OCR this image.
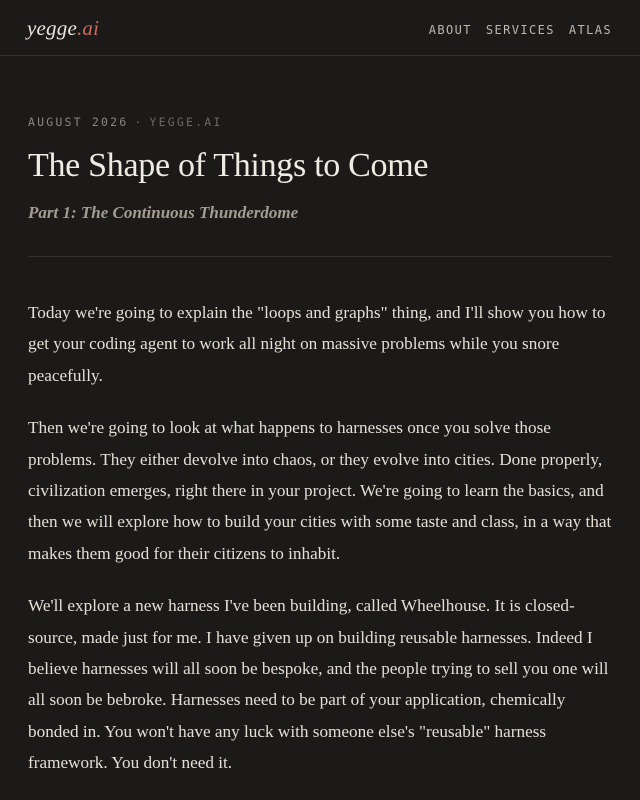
yegge.ai	ABOUT SERVICES ATLAS
AUGUST 2026 · YEGGE.AI
The Shape of Things to Come
Part 1: The Continuous Thunderdome

Today we're going to explain the "loops and graphs" thing, and I'll show you how to get your coding agent to work all night on massive problems while you snore peacefully.

Then we're going to look at what happens to harnesses once you solve those problems. They either devolve into chaos, or they evolve into cities. Done properly, civilization emerges, right there in your project. We're going to learn the basics, and then we will explore how to build your cities with some taste and class, in a way that makes them good for their citizens to inhabit.

We'll explore a new harness I've been building, called Wheelhouse. It is closed-source, made just for me. I have given up on building reusable harnesses. Indeed I believe harnesses will all soon be bespoke, and the people trying to sell you one will all soon be bebroke. Harnesses need to be part of your application, chemically bonded in. You won't have any luck with someone else's "reusable" harness framework. You don't need it.
